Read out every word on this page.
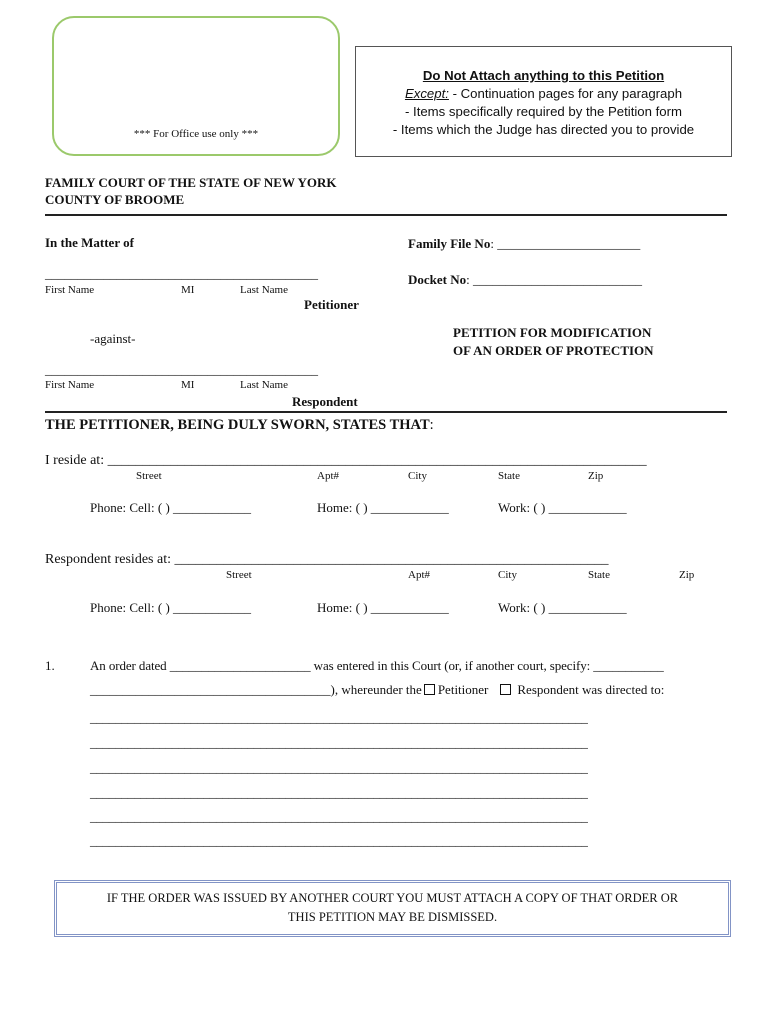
*** For Office use only ***
Do Not Attach anything to this Petition
Except: - Continuation pages for any paragraph
- Items specifically required by the Petition form
- Items which the Judge has directed you to provide
FAMILY COURT OF THE STATE OF NEW YORK
COUNTY OF BROOME
In the Matter of	Family File No: ______________________
__________________________________________	Docket No: __________________________
First Name	MI	Last Name
Petitioner
-against-	PETITION FOR MODIFICATION
OF AN ORDER OF PROTECTION
__________________________________________
First Name	MI	Last Name
Respondent
THE PETITIONER, BEING DULY SWORN, STATES THAT:
I reside at: _____________________________________________________________________________
Street	Apt#	City	State	Zip
Phone: Cell: ( ) ____________	Home: ( ) ____________	Work: ( ) ____________
Respondent resides at: ______________________________________________________________
Street	Apt#	City	State	Zip
Phone: Cell: ( ) ____________	Home: ( ) ____________	Work: ( ) ____________
1.	An order dated ______________________ was entered in this Court (or, if another court, specify: ___________
_____________________________________), whereunder the Petitioner Respondent was directed to:
_______________________________________________________________________________
_______________________________________________________________________________
_______________________________________________________________________________
_______________________________________________________________________________
_______________________________________________________________________________
_______________________________________________________________________________
IF THE ORDER WAS ISSUED BY ANOTHER COURT YOU MUST ATTACH A COPY OF THAT ORDER OR
THIS PETITION MAY BE DISMISSED.
